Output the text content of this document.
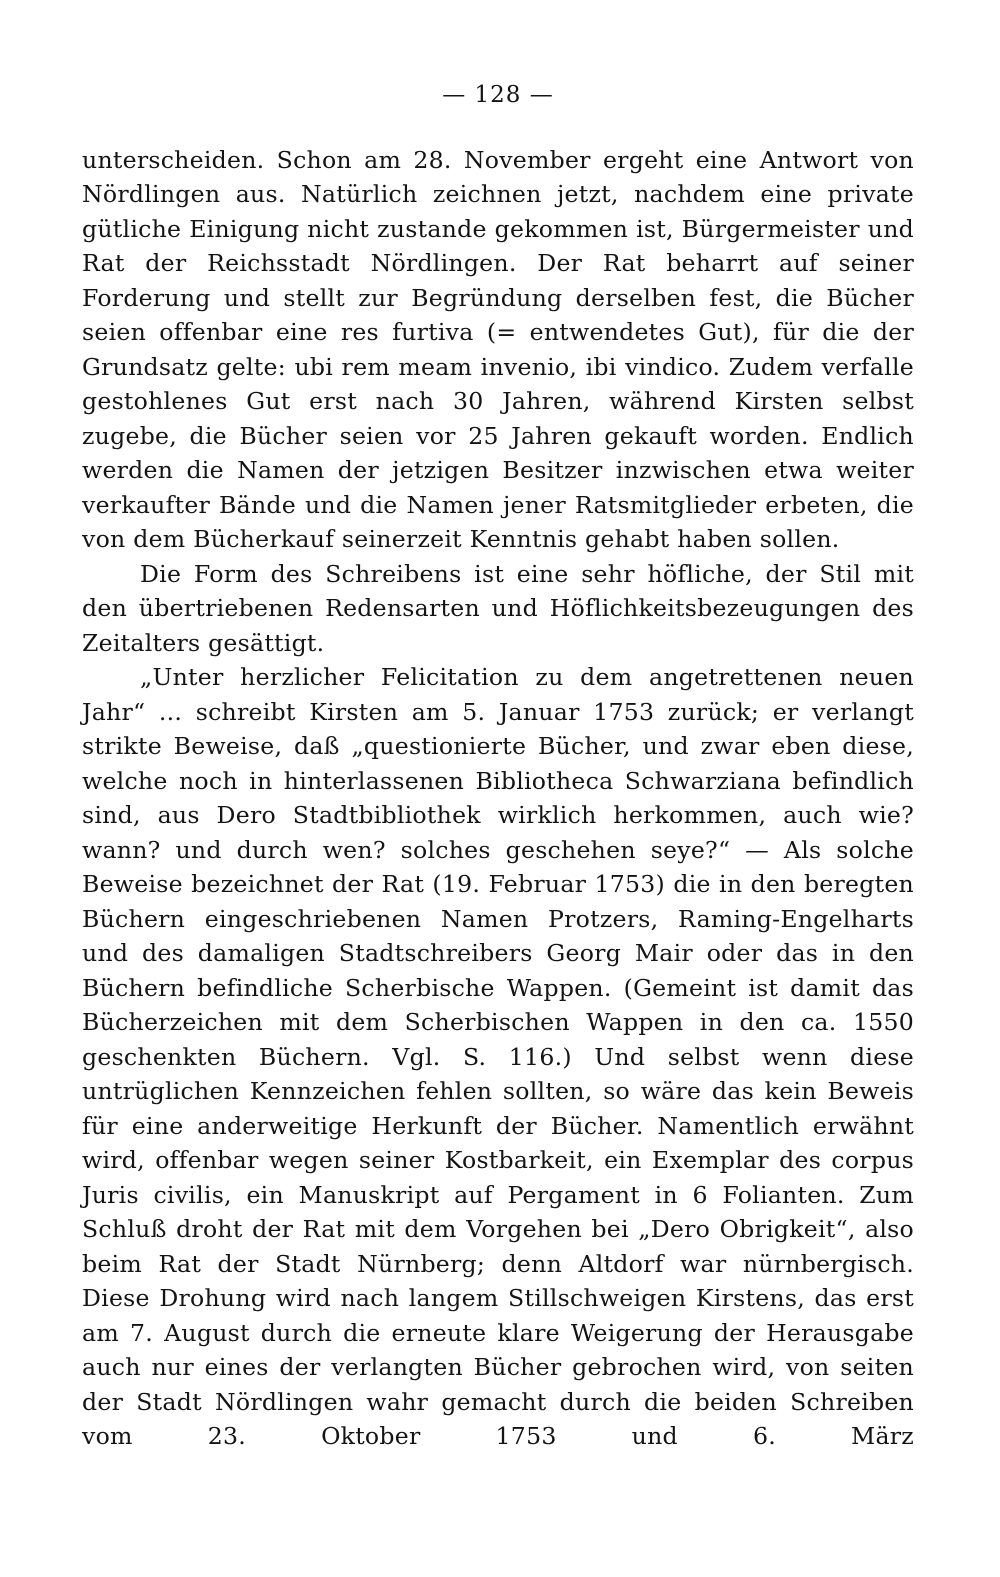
— 128 —

unterscheiden. Schon am 28. November ergeht eine Antwort von Nördlingen aus. Natürlich zeichnen jetzt, nachdem eine private gütliche Einigung nicht zustande gekommen ist, Bürgermeister und Rat der Reichsstadt Nördlingen. Der Rat beharrt auf seiner Forderung und stellt zur Begründung derselben fest, die Bücher seien offenbar eine res furtiva (= entwendetes Gut), für die der Grundsatz gelte: ubi rem meam invenio, ibi vindico. Zudem verfalle gestohlenes Gut erst nach 30 Jahren, während Kirsten selbst zugebe, die Bücher seien vor 25 Jahren gekauft worden. Endlich werden die Namen der jetzigen Besitzer inzwischen etwa weiter verkaufter Bände und die Namen jener Ratsmitglieder erbeten, die von dem Bücherkauf seinerzeit Kenntnis gehabt haben sollen.

Die Form des Schreibens ist eine sehr höfliche, der Stil mit den übertriebenen Redensarten und Höflichkeitsbezeugungen des Zeitalters gesättigt.

„Unter herzlicher Felicitation zu dem angetrettenen neuen Jahr“ ... schreibt Kirsten am 5. Januar 1753 zurück; er verlangt strikte Beweise, daß „questionierte Bücher, und zwar eben diese, welche noch in hinterlassenen Bibliotheca Schwarziana befindlich sind, aus Dero Stadtbibliothek wirklich herkommen, auch wie? wann? und durch wen? solches geschehen seye?“ — Als solche Beweise bezeichnet der Rat (19. Februar 1753) die in den beregten Büchern eingeschriebenen Namen Protzers, Raming-Engelharts und des damaligen Stadtschreibers Georg Mair oder das in den Büchern befindliche Scherbische Wappen. (Gemeint ist damit das Bücherzeichen mit dem Scherbischen Wappen in den ca. 1550 geschenkten Büchern. Vgl. S. 116.) Und selbst wenn diese untrüglichen Kennzeichen fehlen sollten, so wäre das kein Beweis für eine anderweitige Herkunft der Bücher. Namentlich erwähnt wird, offenbar wegen seiner Kostbarkeit, ein Exemplar des corpus Juris civilis, ein Manuskript auf Pergament in 6 Folianten. Zum Schluß droht der Rat mit dem Vorgehen bei „Dero Obrigkeit“, also beim Rat der Stadt Nürnberg; denn Altdorf war nürnbergisch. Diese Drohung wird nach langem Stillschweigen Kirstens, das erst am 7. August durch die erneute klare Weigerung der Herausgabe auch nur eines der verlangten Bücher gebrochen wird, von seiten der Stadt Nördlingen wahr gemacht durch die beiden Schreiben vom 23. Oktober 1753 und 6. März
